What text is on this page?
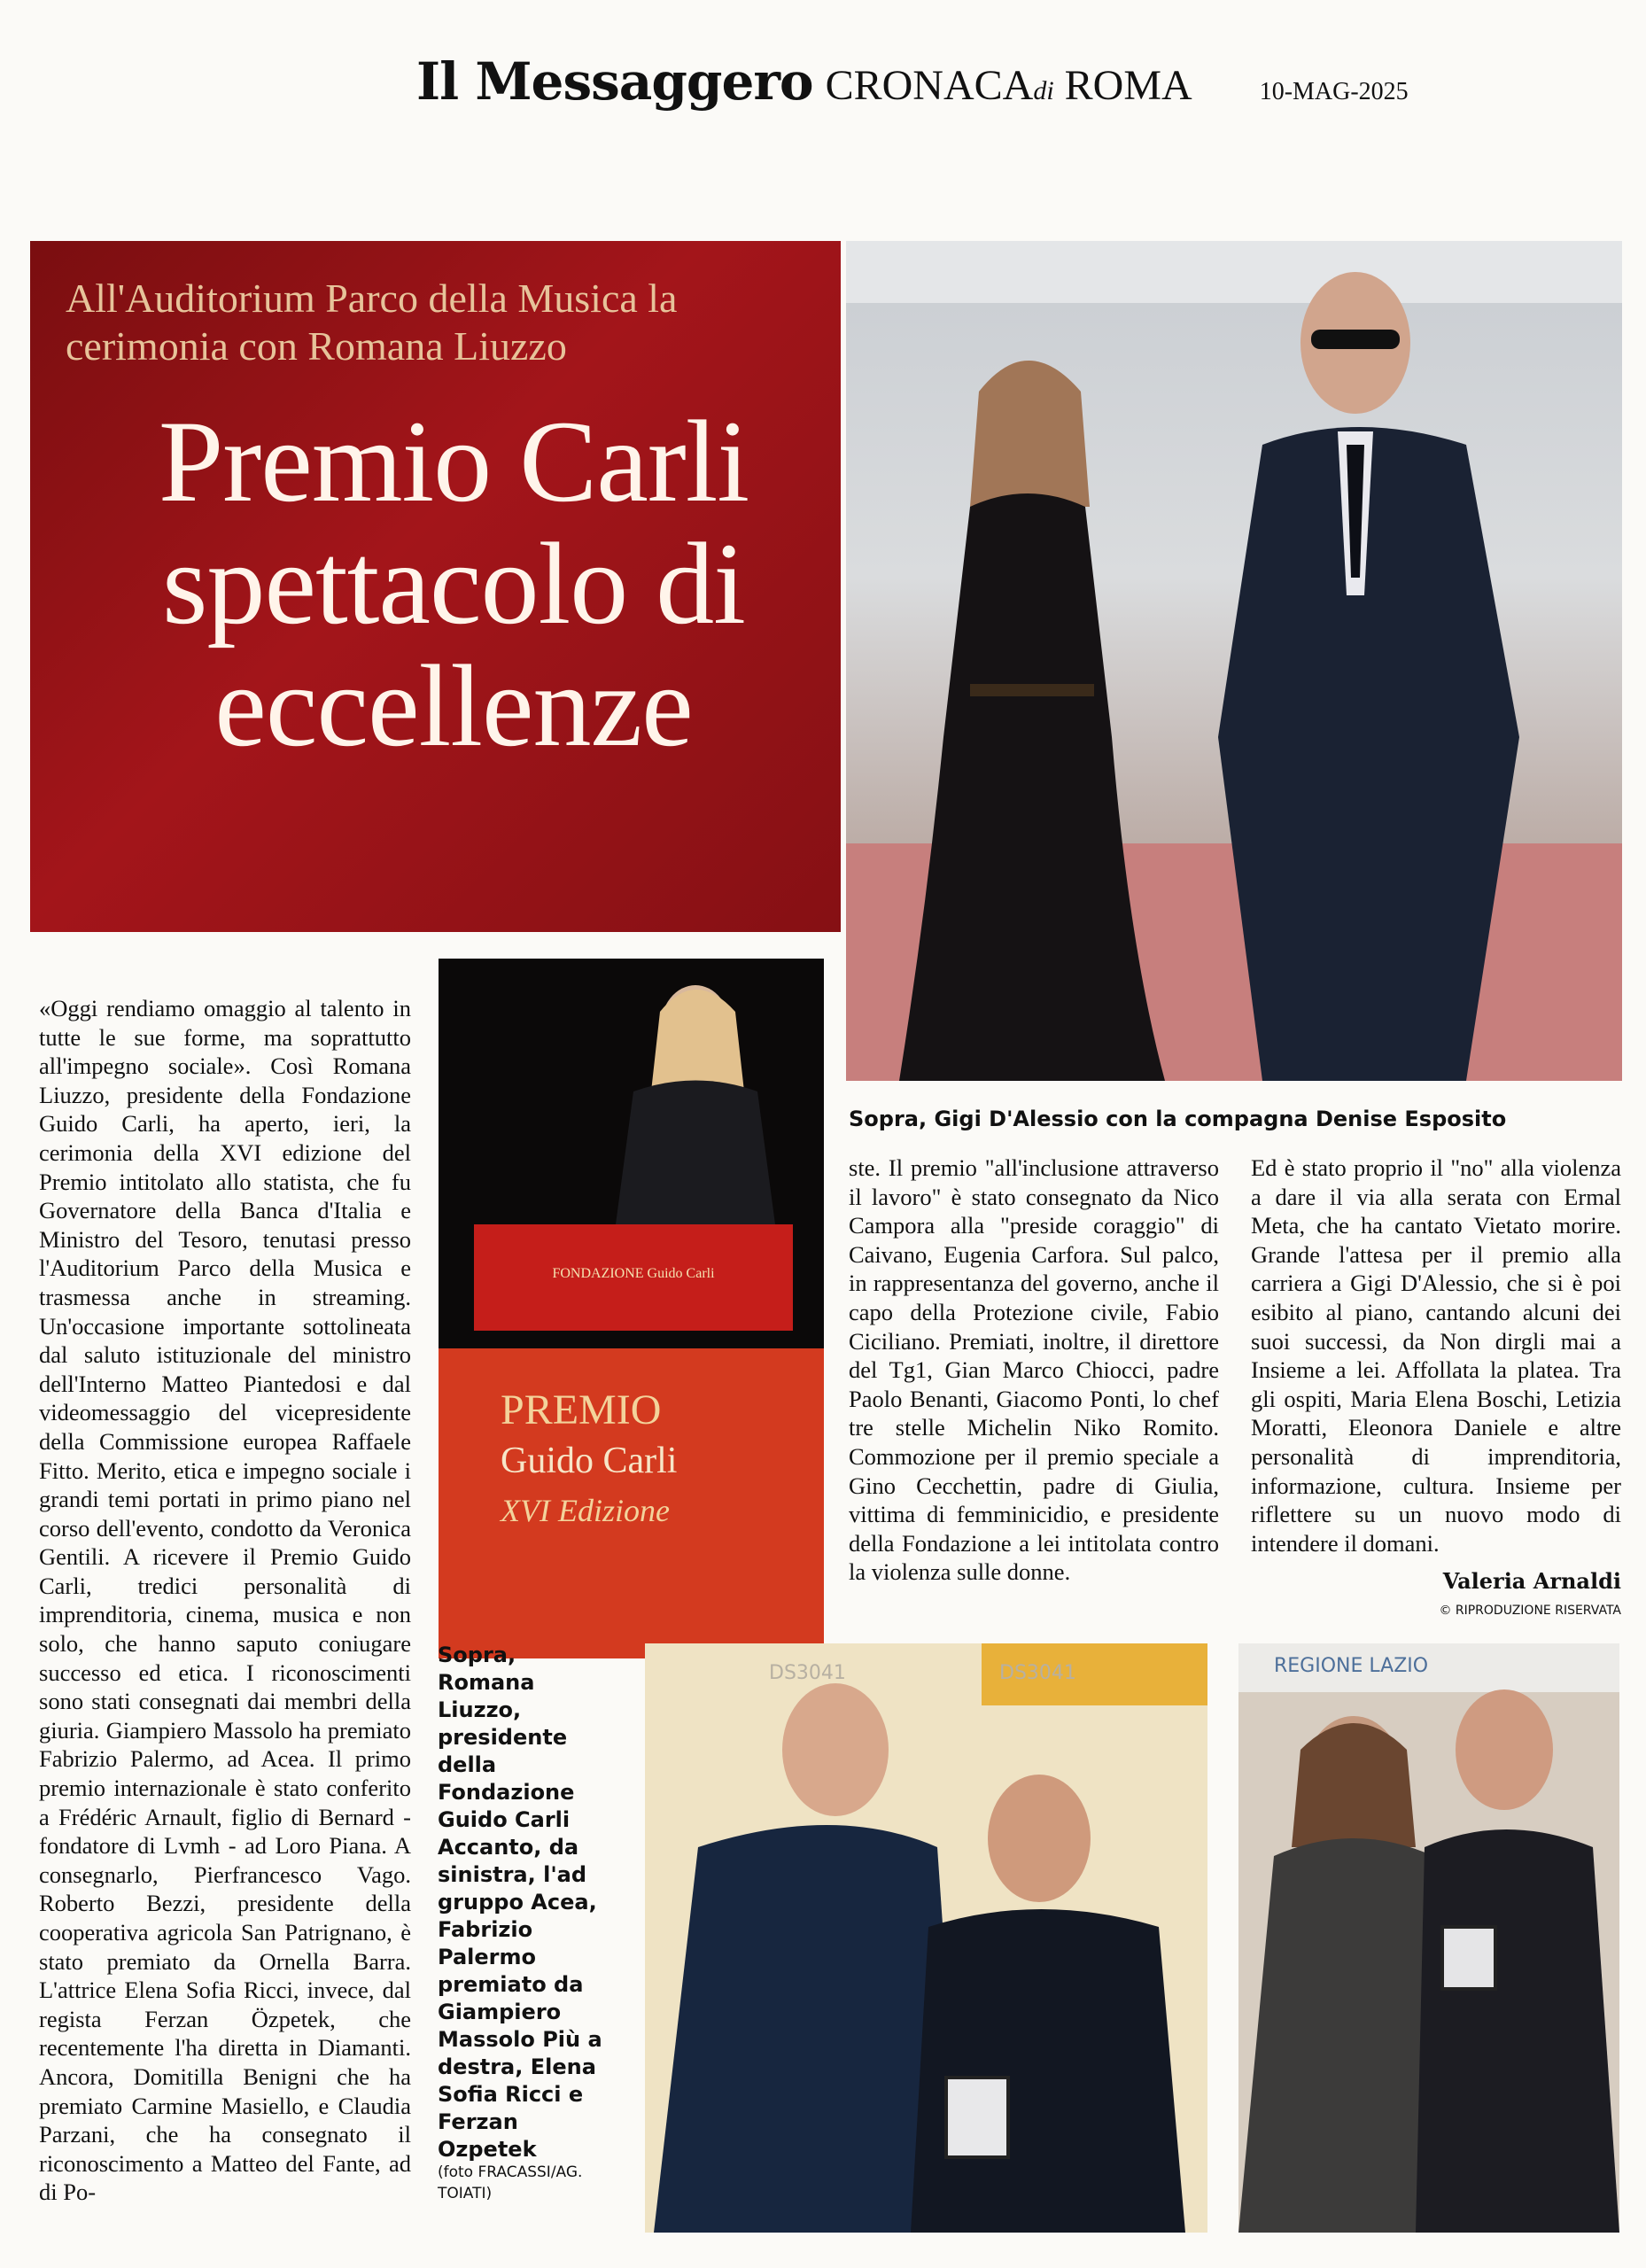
Il Messaggero CRONACAdi ROMA	10-MAG-2025
All'Auditorium Parco della Musica la cerimonia con Romana Liuzzo
Premio Carli spettacolo di eccellenze
Sopra, Gigi D'Alessio con la compagna Denise Esposito
FONDAZIONE Guido Carli
PREMIO
Guido Carli
XVI Edizione
DS3041	DS3041	REGIONE LAZIO
Sopra, Romana Liuzzo, presidente della Fondazione Guido Carli Accanto, da sinistra, l'ad gruppo Acea, Fabrizio Palermo premiato da Giampiero Massolo Più a destra, Elena Sofia Ricci e Ferzan Ozpetek
(foto FRACASSI/AG. TOIATI)
«Oggi rendiamo omaggio al talento in tutte le sue forme, ma soprattutto all'impegno sociale». Così Romana Liuzzo, presidente della Fondazione Guido Carli, ha aperto, ieri, la cerimonia della XVI edizione del Premio intitolato allo statista, che fu Governatore della Banca d'Italia e Ministro del Tesoro, tenutasi presso l'Auditorium Parco della Musica e trasmessa anche in streaming. Un'occasione importante sottolineata dal saluto istituzionale del ministro dell'Interno Matteo Piantedosi e dal videomessaggio del vicepresidente della Commissione europea Raffaele Fitto. Merito, etica e impegno sociale i grandi temi portati in primo piano nel corso dell'evento, condotto da Veronica Gentili. A ricevere il Premio Guido Carli, tredici personalità di imprenditoria, cinema, musica e non solo, che hanno saputo coniugare successo ed etica. I riconoscimenti sono stati consegnati dai membri della giuria. Giampiero Massolo ha premiato Fabrizio Palermo, ad Acea. Il primo premio internazionale è stato conferito a Frédéric Arnault, figlio di Bernard - fondatore di Lvmh - ad Loro Piana. A consegnarlo, Pierfrancesco Vago. Roberto Bezzi, presidente della cooperativa agricola San Patrignano, è stato premiato da Ornella Barra. L'attrice Elena Sofia Ricci, invece, dal regista Ferzan Özpetek, che recentemente l'ha diretta in Diamanti. Ancora, Domitilla Benigni che ha premiato Carmine Masiello, e Claudia Parzani, che ha consegnato il riconoscimento a Matteo del Fante, ad di Po-
ste. Il premio "all'inclusione attraverso il lavoro" è stato consegnato da Nico Campora alla "preside coraggio" di Caivano, Eugenia Carfora. Sul palco, in rappresentanza del governo, anche il capo della Protezione civile, Fabio Ciciliano. Premiati, inoltre, il direttore del Tg1, Gian Marco Chiocci, padre Paolo Benanti, Giacomo Ponti, lo chef tre stelle Michelin Niko Romito. Commozione per il premio speciale a Gino Cecchettin, padre di Giulia, vittima di femminicidio, e presidente della Fondazione a lei intitolata contro la violenza sulle donne.
Ed è stato proprio il "no" alla violenza a dare il via alla serata con Ermal Meta, che ha cantato Vietato morire. Grande l'attesa per il premio alla carriera a Gigi D'Alessio, che si è poi esibito al piano, cantando alcuni dei suoi successi, da Non dirgli mai a Insieme a lei. Affollata la platea. Tra gli ospiti, Maria Elena Boschi, Letizia Moratti, Eleonora Daniele e altre personalità di imprenditoria, informazione, cultura. Insieme per riflettere su un nuovo modo di intendere il domani.
Valeria Arnaldi
© RIPRODUZIONE RISERVATA
